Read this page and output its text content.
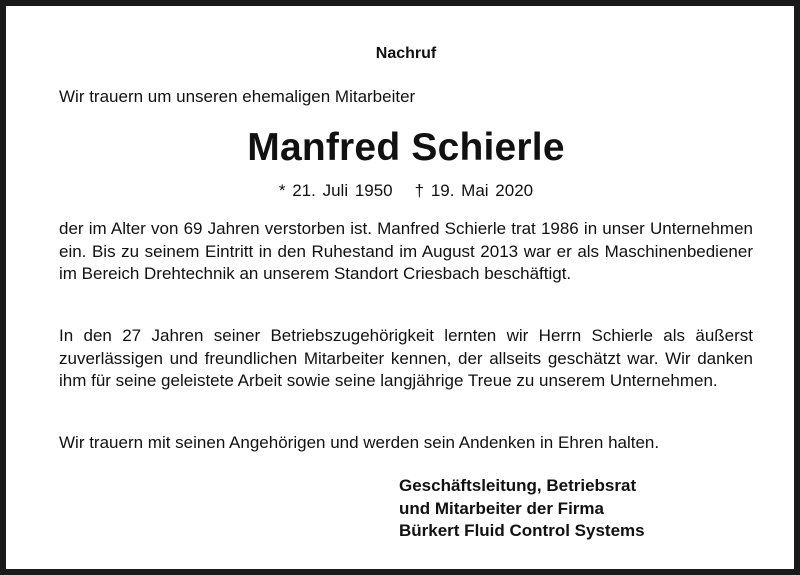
Nachruf
Wir trauern um unseren ehemaligen Mitarbeiter
Manfred Schierle
* 21. Juli 1950 † 19. Mai 2020
der im Alter von 69 Jahren verstorben ist. Manfred Schierle trat 1986 in unser Unternehmen ein. Bis zu seinem Eintritt in den Ruhestand im August 2013 war er als Maschinenbediener im Bereich Drehtechnik an unserem Standort Criesbach beschäftigt.
In den 27 Jahren seiner Betriebszugehörigkeit lernten wir Herrn Schierle als äußerst zuverlässigen und freundlichen Mitarbeiter kennen, der allseits geschätzt war. Wir danken ihm für seine geleistete Arbeit sowie seine langjährige Treue zu unserem Unternehmen.
Wir trauern mit seinen Angehörigen und werden sein Andenken in Ehren halten.
Geschäftsleitung, Betriebsrat
und Mitarbeiter der Firma
Bürkert Fluid Control Systems
